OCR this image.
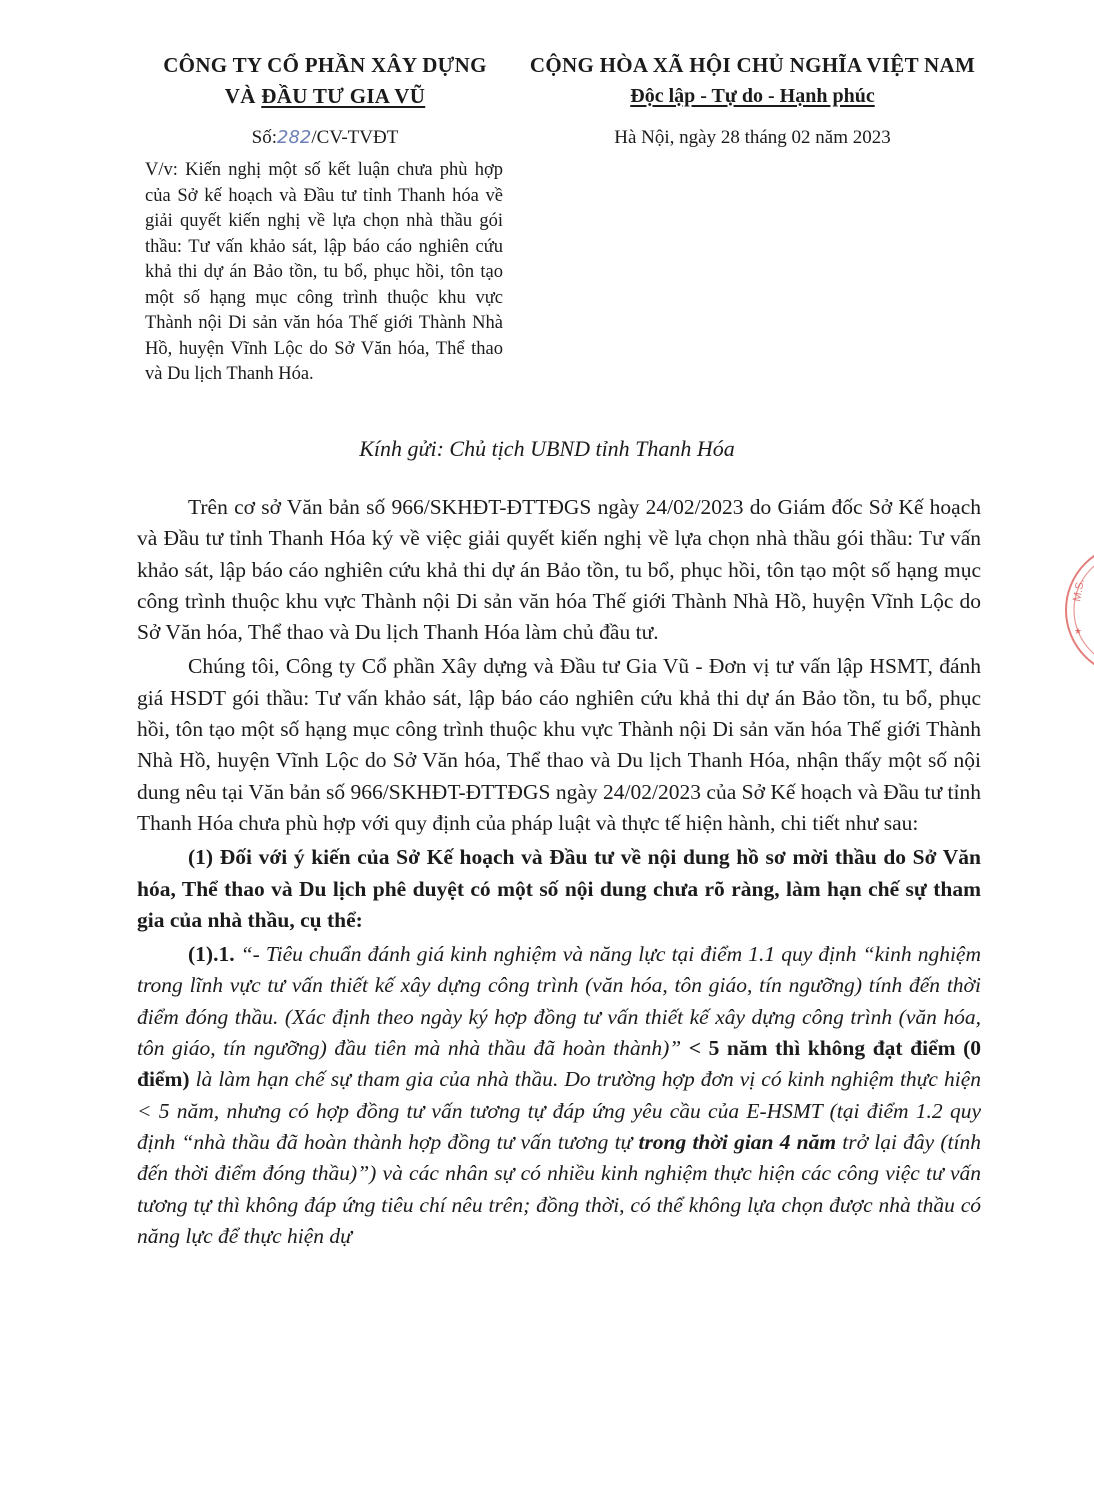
CÔNG TY CỔ PHẦN XÂY DỰNG
VÀ ĐẦU TƯ GIA VŨ
Số:282/CV-TVĐT
CỘNG HÒA XÃ HỘI CHỦ NGHĨA VIỆT NAM
Độc lập - Tự do - Hạnh phúc
Hà Nội, ngày 28 tháng 02 năm 2023
V/v: Kiến nghị một số kết luận chưa phù hợp của Sở kế hoạch và Đầu tư tỉnh Thanh hóa về giải quyết kiến nghị về lựa chọn nhà thầu gói thầu: Tư vấn khảo sát, lập báo cáo nghiên cứu khả thi dự án Bảo tồn, tu bổ, phục hồi, tôn tạo một số hạng mục công trình thuộc khu vực Thành nội Di sản văn hóa Thế giới Thành Nhà Hồ, huyện Vĩnh Lộc do Sở Văn hóa, Thể thao và Du lịch Thanh Hóa.
Kính gửi: Chủ tịch UBND tỉnh Thanh Hóa

Trên cơ sở Văn bản số 966/SKHĐT-ĐTTĐGS ngày 24/02/2023 do Giám đốc Sở Kế hoạch và Đầu tư tỉnh Thanh Hóa ký về việc giải quyết kiến nghị về lựa chọn nhà thầu gói thầu: Tư vấn khảo sát, lập báo cáo nghiên cứu khả thi dự án Bảo tồn, tu bổ, phục hồi, tôn tạo một số hạng mục công trình thuộc khu vực Thành nội Di sản văn hóa Thế giới Thành Nhà Hồ, huyện Vĩnh Lộc do Sở Văn hóa, Thể thao và Du lịch Thanh Hóa làm chủ đầu tư.

Chúng tôi, Công ty Cổ phần Xây dựng và Đầu tư Gia Vũ - Đơn vị tư vấn lập HSMT, đánh giá HSDT gói thầu: Tư vấn khảo sát, lập báo cáo nghiên cứu khả thi dự án Bảo tồn, tu bổ, phục hồi, tôn tạo một số hạng mục công trình thuộc khu vực Thành nội Di sản văn hóa Thế giới Thành Nhà Hồ, huyện Vĩnh Lộc do Sở Văn hóa, Thể thao và Du lịch Thanh Hóa, nhận thấy một số nội dung nêu tại Văn bản số 966/SKHĐT-ĐTTĐGS ngày 24/02/2023 của Sở Kế hoạch và Đầu tư tỉnh Thanh Hóa chưa phù hợp với quy định của pháp luật và thực tế hiện hành, chi tiết như sau:

(1) Đối với ý kiến của Sở Kế hoạch và Đầu tư về nội dung hồ sơ mời thầu do Sở Văn hóa, Thể thao và Du lịch phê duyệt có một số nội dung chưa rõ ràng, làm hạn chế sự tham gia của nhà thầu, cụ thể:

(1).1. “- Tiêu chuẩn đánh giá kinh nghiệm và năng lực tại điểm 1.1 quy định “kinh nghiệm trong lĩnh vực tư vấn thiết kế xây dựng công trình (văn hóa, tôn giáo, tín ngưỡng) tính đến thời điểm đóng thầu. (Xác định theo ngày ký hợp đồng tư vấn thiết kế xây dựng công trình (văn hóa, tôn giáo, tín ngưỡng) đầu tiên mà nhà thầu đã hoàn thành)” < 5 năm thì không đạt điểm (0 điểm) là làm hạn chế sự tham gia của nhà thầu. Do trường hợp đơn vị có kinh nghiệm thực hiện < 5 năm, nhưng có hợp đồng tư vấn tương tự đáp ứng yêu cầu của E-HSMT (tại điểm 1.2 quy định “nhà thầu đã hoàn thành hợp đồng tư vấn tương tự trong thời gian 4 năm trở lại đây (tính đến thời điểm đóng thầu)”) và các nhân sự có nhiều kinh nghiệm thực hiện các công việc tư vấn tương tự thì không đáp ứng tiêu chí nêu trên; đồng thời, có thể không lựa chọn được nhà thầu có năng lực để thực hiện dự

M.S.
★
